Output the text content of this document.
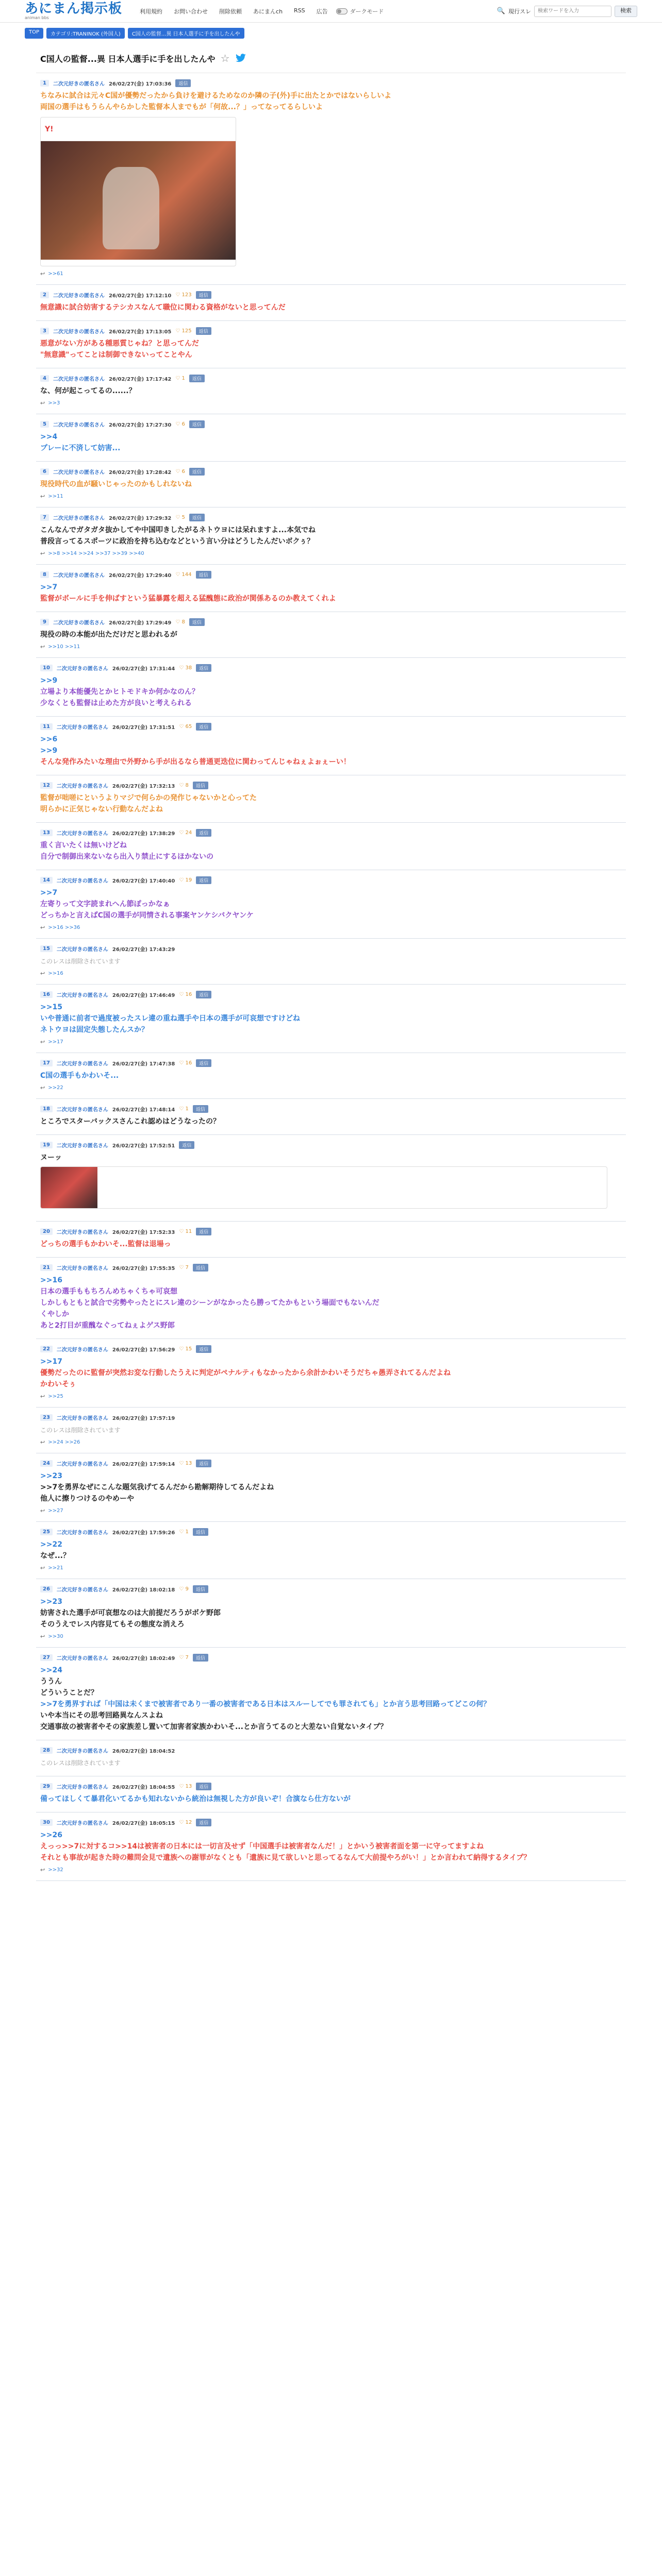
あにまん掲示板
animan bbs
利用規約 お問い合わせ 削除依頼 あにまんch RSS 広告	ダークモード	🔍 現行スレ
検索ワードを入力	検索
TOP	カテゴリ:TRANINOK (外国人)	C国人の監督...異 日本人選手に手を出したんや
C国人の監督...異 日本人選手に手を出したんや ☆
1	二次元好きの匿名さん 26/02/27(金) 17:03:36	返信
ちなみに試合は元々C国が優勢だったから負けを避けるためなのか隣の子(外)手に出たとかではないらしいよ
両国の選手はもうらんやらかした監督本人までもが「何故...？」ってなってるらしいよ
Y!
↩ >>61
2	二次元好きの匿名さん 26/02/27(金) 17:12:10 ♡ 123	返信
無意識に試合妨害するテシカスなんて職位に関わる資格がないと思ってんだ
3	二次元好きの匿名さん 26/02/27(金) 17:13:05 ♡ 125	返信
悪意がない方がある種悪質じゃね？と思ってんだ
"無意識"ってことは制御できないってことやん
4	二次元好きの匿名さん 26/02/27(金) 17:17:42 ♡ 1	返信
な、何が起こってるの......？
↩ >>3
5	二次元好きの匿名さん 26/02/27(金) 17:27:30 ♡ 6	返信
>>4
プレーに不済して妨害...
6	二次元好きの匿名さん 26/02/27(金) 17:28:42 ♡ 6	返信
現役時代の血が騒いじゃったのかもしれないね
↩ >>11
7	二次元好きの匿名さん 26/02/27(金) 17:29:32 ♡ 5	返信
こんなんでガタガタ抜かしてや中国叩きしたがるネトウヨには呆れますよ...本気でね
普段言ってるスポーツに政治を持ち込むなどという言い分はどうしたんだいボクぅ？
↩ >>8 >>14 >>24 >>37 >>39 >>40
8	二次元好きの匿名さん 26/02/27(金) 17:29:40 ♡ 144	返信
>>7
監督がボールに手を伸ばすという猛暴露を超える猛醜態に政治が関係あるのか教えてくれよ
9	二次元好きの匿名さん 26/02/27(金) 17:29:49 ♡ 8	返信
現役の時の本能が出ただけだと思われるが
↩ >>10 >>11
10	二次元好きの匿名さん 26/02/27(金) 17:31:44 ♡ 38	返信
>>9
立場より本能優先とかヒトモドキか何かなのん？
少なくとも監督は止めた方が良いと考えられる
11	二次元好きの匿名さん 26/02/27(金) 17:31:51 ♡ 65	返信
>>6
>>9
そんな発作みたいな理由で外野から手が出るなら普通更迭位に関わってんじゃねぇよぉぇーい！
12	二次元好きの匿名さん 26/02/27(金) 17:32:13 ♡ 8	返信
監督が咄嗟にというよりマジで何らかの発作じゃないかと心ってた
明らかに正気じゃない行動なんだよね
13	二次元好きの匿名さん 26/02/27(金) 17:38:29 ♡ 24	返信
重く言いたくは無いけどね
自分で制御出来ないなら出入り禁止にするほかないの
14	二次元好きの匿名さん 26/02/27(金) 17:40:40 ♡ 19	返信
>>7
左寄りって文字読まれへん節ぽっかなぁ
どっちかと言えばC国の選手が同情される事案ヤンケシバクヤンケ
↩ >>16 >>36
15	二次元好きの匿名さん 26/02/27(金) 17:43:29
このレスは削除されています
↩ >>16
16	二次元好きの匿名さん 26/02/27(金) 17:46:49 ♡ 16	返信
>>15
いや普通に前者で過度被ったスレ違の重ね選手や日本の選手が可哀想ですけどね
ネトウヨは固定失態したんスか？
↩ >>17
17	二次元好きの匿名さん 26/02/27(金) 17:47:38 ♡ 16	返信
C国の選手もかわいそ...
↩ >>22
18	二次元好きの匿名さん 26/02/27(金) 17:48:14 ♡ 1	返信
ところでスターバックスさんこれ認めはどうなったの？
19	二次元好きの匿名さん 26/02/27(金) 17:52:51	返信
ヌーッ
20	二次元好きの匿名さん 26/02/27(金) 17:52:33 ♡ 11	返信
どっちの選手もかわいそ...監督は退場っ
21	二次元好きの匿名さん 26/02/27(金) 17:55:35 ♡ 7	返信
>>16
日本の選手ももちろんめちゃくちゃ可哀想
しかしもともと試合で劣勢やったとにスレ違のシーンがなかったら勝ってたかもという場面でもないんだ
くやしか
あと2打目が重醜なぐってねぇよゲス野郎
22	二次元好きの匿名さん 26/02/27(金) 17:56:29 ♡ 15	返信
>>17
優勢だったのに監督が突然お変な行動したうえに判定がペナルティもなかったから余計かわいそうだちゃ愚弄されてるんだよね
かわいそぅ
↩ >>25
23	二次元好きの匿名さん 26/02/27(金) 17:57:19
このレスは削除されています
↩ >>24 >>26
24	二次元好きの匿名さん 26/02/27(金) 17:59:14 ♡ 13	返信
>>23
>>7を勇界なぜにこんな題気我げてるんだから勘解期待してるんだよね
他人に擦りつけるのやめーや
↩ >>27
25	二次元好きの匿名さん 26/02/27(金) 17:59:26 ♡ 1	返信
>>22
なぜ...？
↩ >>21
26	二次元好きの匿名さん 26/02/27(金) 18:02:18 ♡ 9	返信
>>23
妨害された選手が可哀想なのは大前提だろうがボケ野郎
そのうえでレス内容見てもその態度な消えろ
↩ >>30
27	二次元好きの匿名さん 26/02/27(金) 18:02:49 ♡ 7	返信
>>24
ううん
どういうことだ？
>>7を勇界すれば「中国は未くまで被害者であり一番の被害者である日本はスルーしてでも罪されても」とか言う思考回路ってどこの何？
いや本当にその思考回路異なんスよね
交通事故の被害者やその家族差し置いて加害者家族かわいそ...とか言うてるのと大差ない自覚ないタイプ？
28	二次元好きの匿名さん 26/02/27(金) 18:04:52
このレスは削除されています
29	二次元好きの匿名さん 26/02/27(金) 18:04:55 ♡ 13	返信
備ってほしくて暴君化いてるかも知れないから統治は無視した方が良いぞ！合演なら仕方ないが
30	二次元好きの匿名さん 26/02/27(金) 18:05:15 ♡ 12	返信
>>26
えっっ>>7に対するコ>>14は被害者の日本には一切言及せず「中国選手は被害者なんだ！」とかいう被害者面を第一に守ってますよね
それとも事故が起きた時の難問会見で遺族への謝罪がなくとも「遺族に見て欲しいと思ってるなんて大前提やろがい！」とか言われて納得するタイプ？
↩ >>32
